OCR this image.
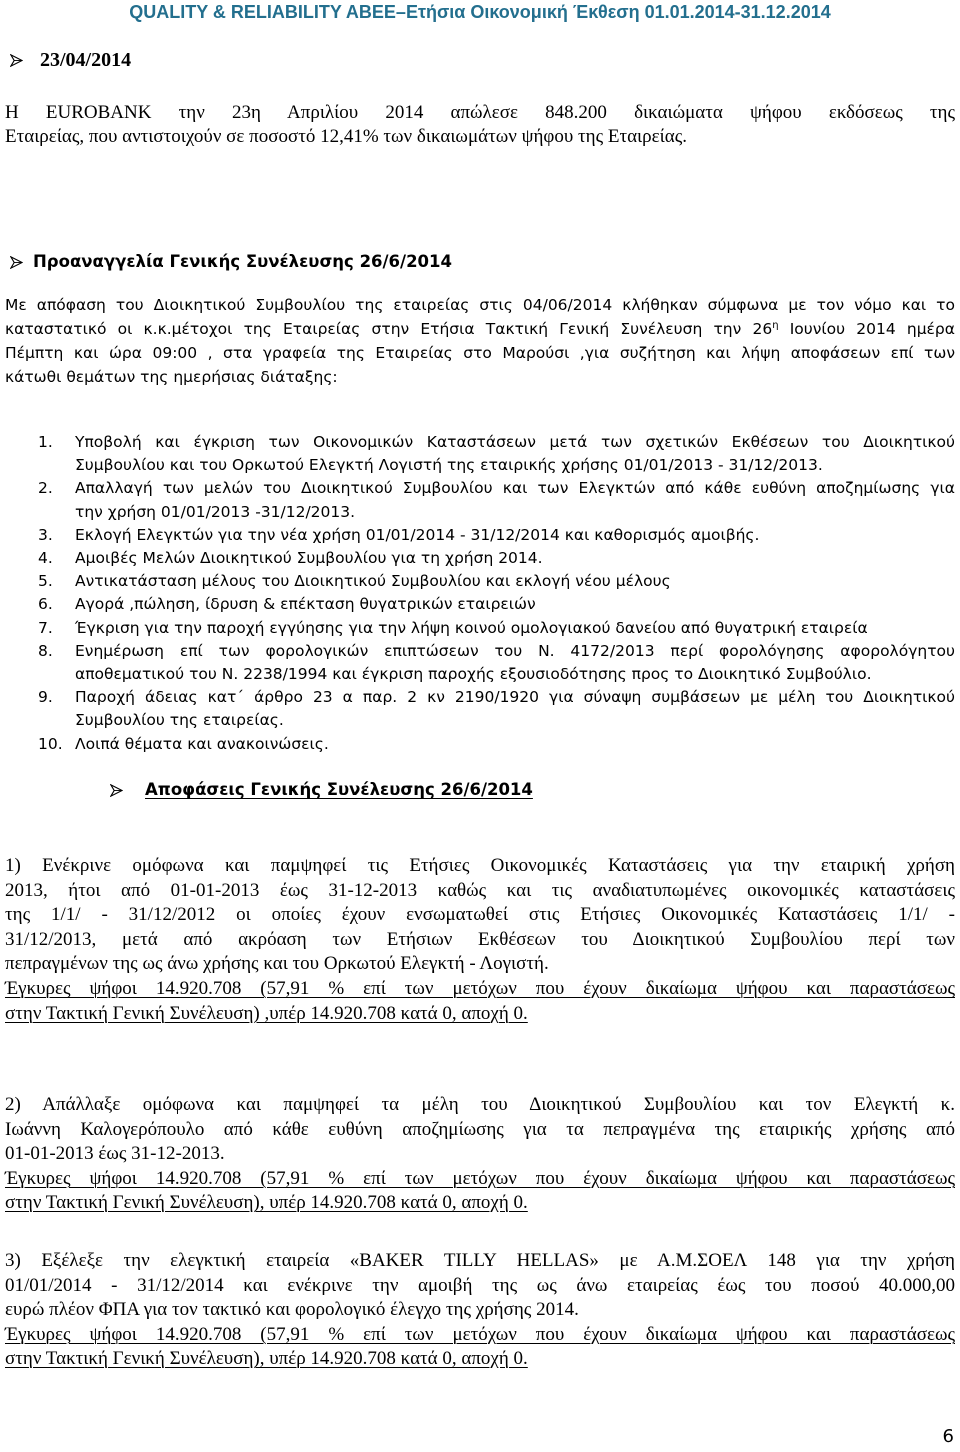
QUALITY & RELIABILITY ABEE–Ετήσια Οικονομική Έκθεση 01.01.2014-31.12.2014
23/04/2014
Η EUROBANK την 23η Απριλίου 2014 απώλεσε 848.200 δικαιώματα ψήφου εκδόσεως της
Εταιρείας, που αντιστοιχούν σε ποσοστό 12,41% των δικαιωμάτων ψήφου της Εταιρείας.
Προαναγγελία Γενικής Συνέλευσης 26/6/2014
Με απόφαση του Διοικητικού Συμβουλίου της εταιρείας στις 04/06/2014 κλήθηκαν σύμφωνα με τον νόμο και το
καταστατικό οι κ.κ.μέτοχοι της Εταιρείας στην Ετήσια Τακτική Γενική Συνέλευση την $26^\eta$ Ιουνίου 2014 ημέρα
Πέμπτη και ώρα 09:00 , στα γραφεία της Εταιρείας στο Μαρούσι ,για συζήτηση και λήψη αποφάσεων επί των
κάτωθι θεμάτων της ημερήσιας διάταξης:
1.	Υποβολή και έγκριση των Οικονομικών Καταστάσεων μετά των σχετικών Εκθέσεων του Διοικητικού
Συμβουλίου και του Ορκωτού Ελεγκτή Λογιστή της εταιρικής χρήσης 01/01/2013 - 31/12/2013.
2.	Απαλλαγή των μελών του Διοικητικού Συμβουλίου και των Ελεγκτών από κάθε ευθύνη αποζημίωσης για
την χρήση 01/01/2013 -31/12/2013.
3.	Εκλογή Ελεγκτών για την νέα χρήση 01/01/2014 - 31/12/2014 και καθορισμός αμοιβής.
4.	Αμοιβές Μελών Διοικητικού Συμβουλίου για τη χρήση 2014.
5.	Αντικατάσταση μέλους του Διοικητικού Συμβουλίου και εκλογή νέου μέλους
6.	Αγορά ,πώληση, ίδρυση & επέκταση θυγατρικών εταιρειών
7.	Έγκριση για την παροχή εγγύησης για την λήψη κοινού ομολογιακού δανείου από θυγατρική εταιρεία
8.	Ενημέρωση επί των φορολογικών επιπτώσεων του Ν. 4172/2013 περί φορολόγησης αφορολόγητου
αποθεματικού του Ν. 2238/1994 και έγκριση παροχής εξουσιοδότησης προς το Διοικητικό Συμβούλιο.
9.	Παροχή άδειας κατ΄ άρθρο 23 α παρ. 2 κν 2190/1920 για σύναψη συμβάσεων με μέλη του Διοικητικού
Συμβουλίου της εταιρείας.
10. Λοιπά θέματα και ανακοινώσεις.
Αποφάσεις Γενικής Συνέλευσης 26/6/2014
1) Ενέκρινε ομόφωνα και παμψηφεί τις Ετήσιες Οικονομικές Καταστάσεις για την εταιρική χρήση
2013, ήτοι από 01-01-2013 έως 31-12-2013 καθώς και τις αναδιατυπωμένες οικονομικές καταστάσεις
της 1/1/ - 31/12/2012 οι οποίες έχουν ενσωματωθεί στις Ετήσιες Οικονομικές Καταστάσεις 1/1/ -
31/12/2013, μετά από ακρόαση των Ετήσιων Εκθέσεων του Διοικητικού Συμβουλίου περί των
πεπραγμένων της ως άνω χρήσης και του Ορκωτού Ελεγκτή - Λογιστή.
Έγκυρες ψήφοι 14.920.708 (57,91 % επί των μετόχων που έχουν δικαίωμα ψήφου και παραστάσεως
στην Τακτική Γενική Συνέλευση) ,υπέρ 14.920.708 κατά 0, αποχή 0.
2) Απάλλαξε ομόφωνα και παμψηφεί τα μέλη του Διοικητικού Συμβουλίου και τον Ελεγκτή κ.
Ιωάννη Καλογερόπουλο από κάθε ευθύνη αποζημίωσης για τα πεπραγμένα της εταιρικής χρήσης από
01-01-2013 έως 31-12-2013.
Έγκυρες ψήφοι 14.920.708 (57,91 % επί των μετόχων που έχουν δικαίωμα ψήφου και παραστάσεως
στην Τακτική Γενική Συνέλευση), υπέρ 14.920.708 κατά 0, αποχή 0.
3) Εξέλεξε την ελεγκτική εταιρεία «BAKER TILLY HELLAS» με Α.Μ.ΣΟΕΛ 148 για την χρήση
01/01/2014 - 31/12/2014 και ενέκρινε την αμοιβή της ως άνω εταιρείας έως του ποσού 40.000,00
ευρώ πλέον ΦΠΑ για τον τακτικό και φορολογικό έλεγχο της χρήσης 2014.
Έγκυρες ψήφοι 14.920.708 (57,91 % επί των μετόχων που έχουν δικαίωμα ψήφου και παραστάσεως
στην Τακτική Γενική Συνέλευση), υπέρ 14.920.708 κατά 0, αποχή 0.
6
